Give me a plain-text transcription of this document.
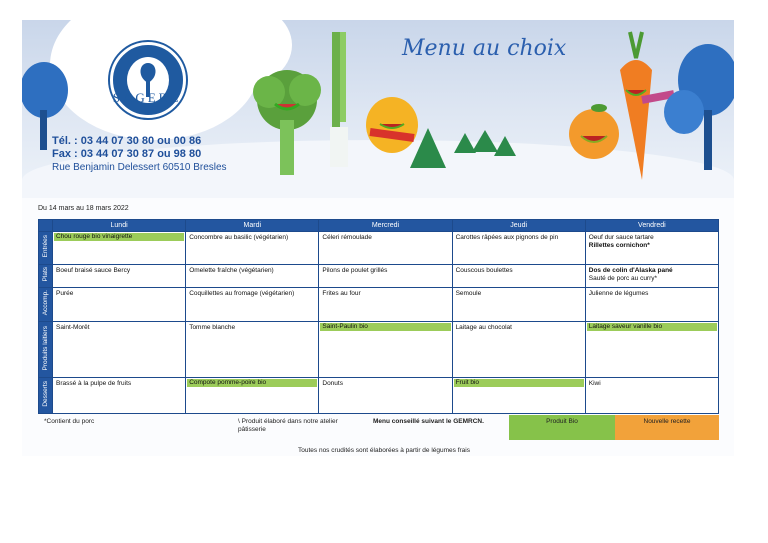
SAGERE
Menu au choix
Tél. : 03 44 07 30 80 ou 00 86
Fax : 03 44 07 30 87 ou 98 80
Rue Benjamin Delessert 60510 Bresles
Du 14 mars au 18 mars 2022
	Lundi	Mardi	Mercredi	Jeudi	Vendredi
Entrées	Chou rouge bio vinaigrette	Concombre au basilic (végétarien)	Céleri rémoulade	Carottes râpées aux pignons de pin	Oeuf dur sauce tartare
Rillettes cornichon*

Plats	Boeuf braisé sauce Bercy	Omelette fraîche (végétarien)	Pilons de poulet grillés	Couscous boulettes	Dos de colin d'Alaska pané
Sauté de porc au curry*

Accomp.	Purée	Coquillettes au fromage (végétarien)	Frites au four	Semoule	Julienne de légumes
Produits laitiers	Saint-Morêt	Tomme blanche	Saint-Paulin bio	Laitage au chocolat	Laitage saveur vanille bio

Desserts	Brassé à la pulpe de fruits	Compote pomme-poire bio	Donuts	Fruit bio	Kiwi
*Contient du porc	\ Produit élaboré dans notre atelier pâtisserie
Menu conseillé suivant le GEMRCN.	Produit Bio	Nouvelle recette
Toutes nos crudités sont élaborées à partir de légumes frais
